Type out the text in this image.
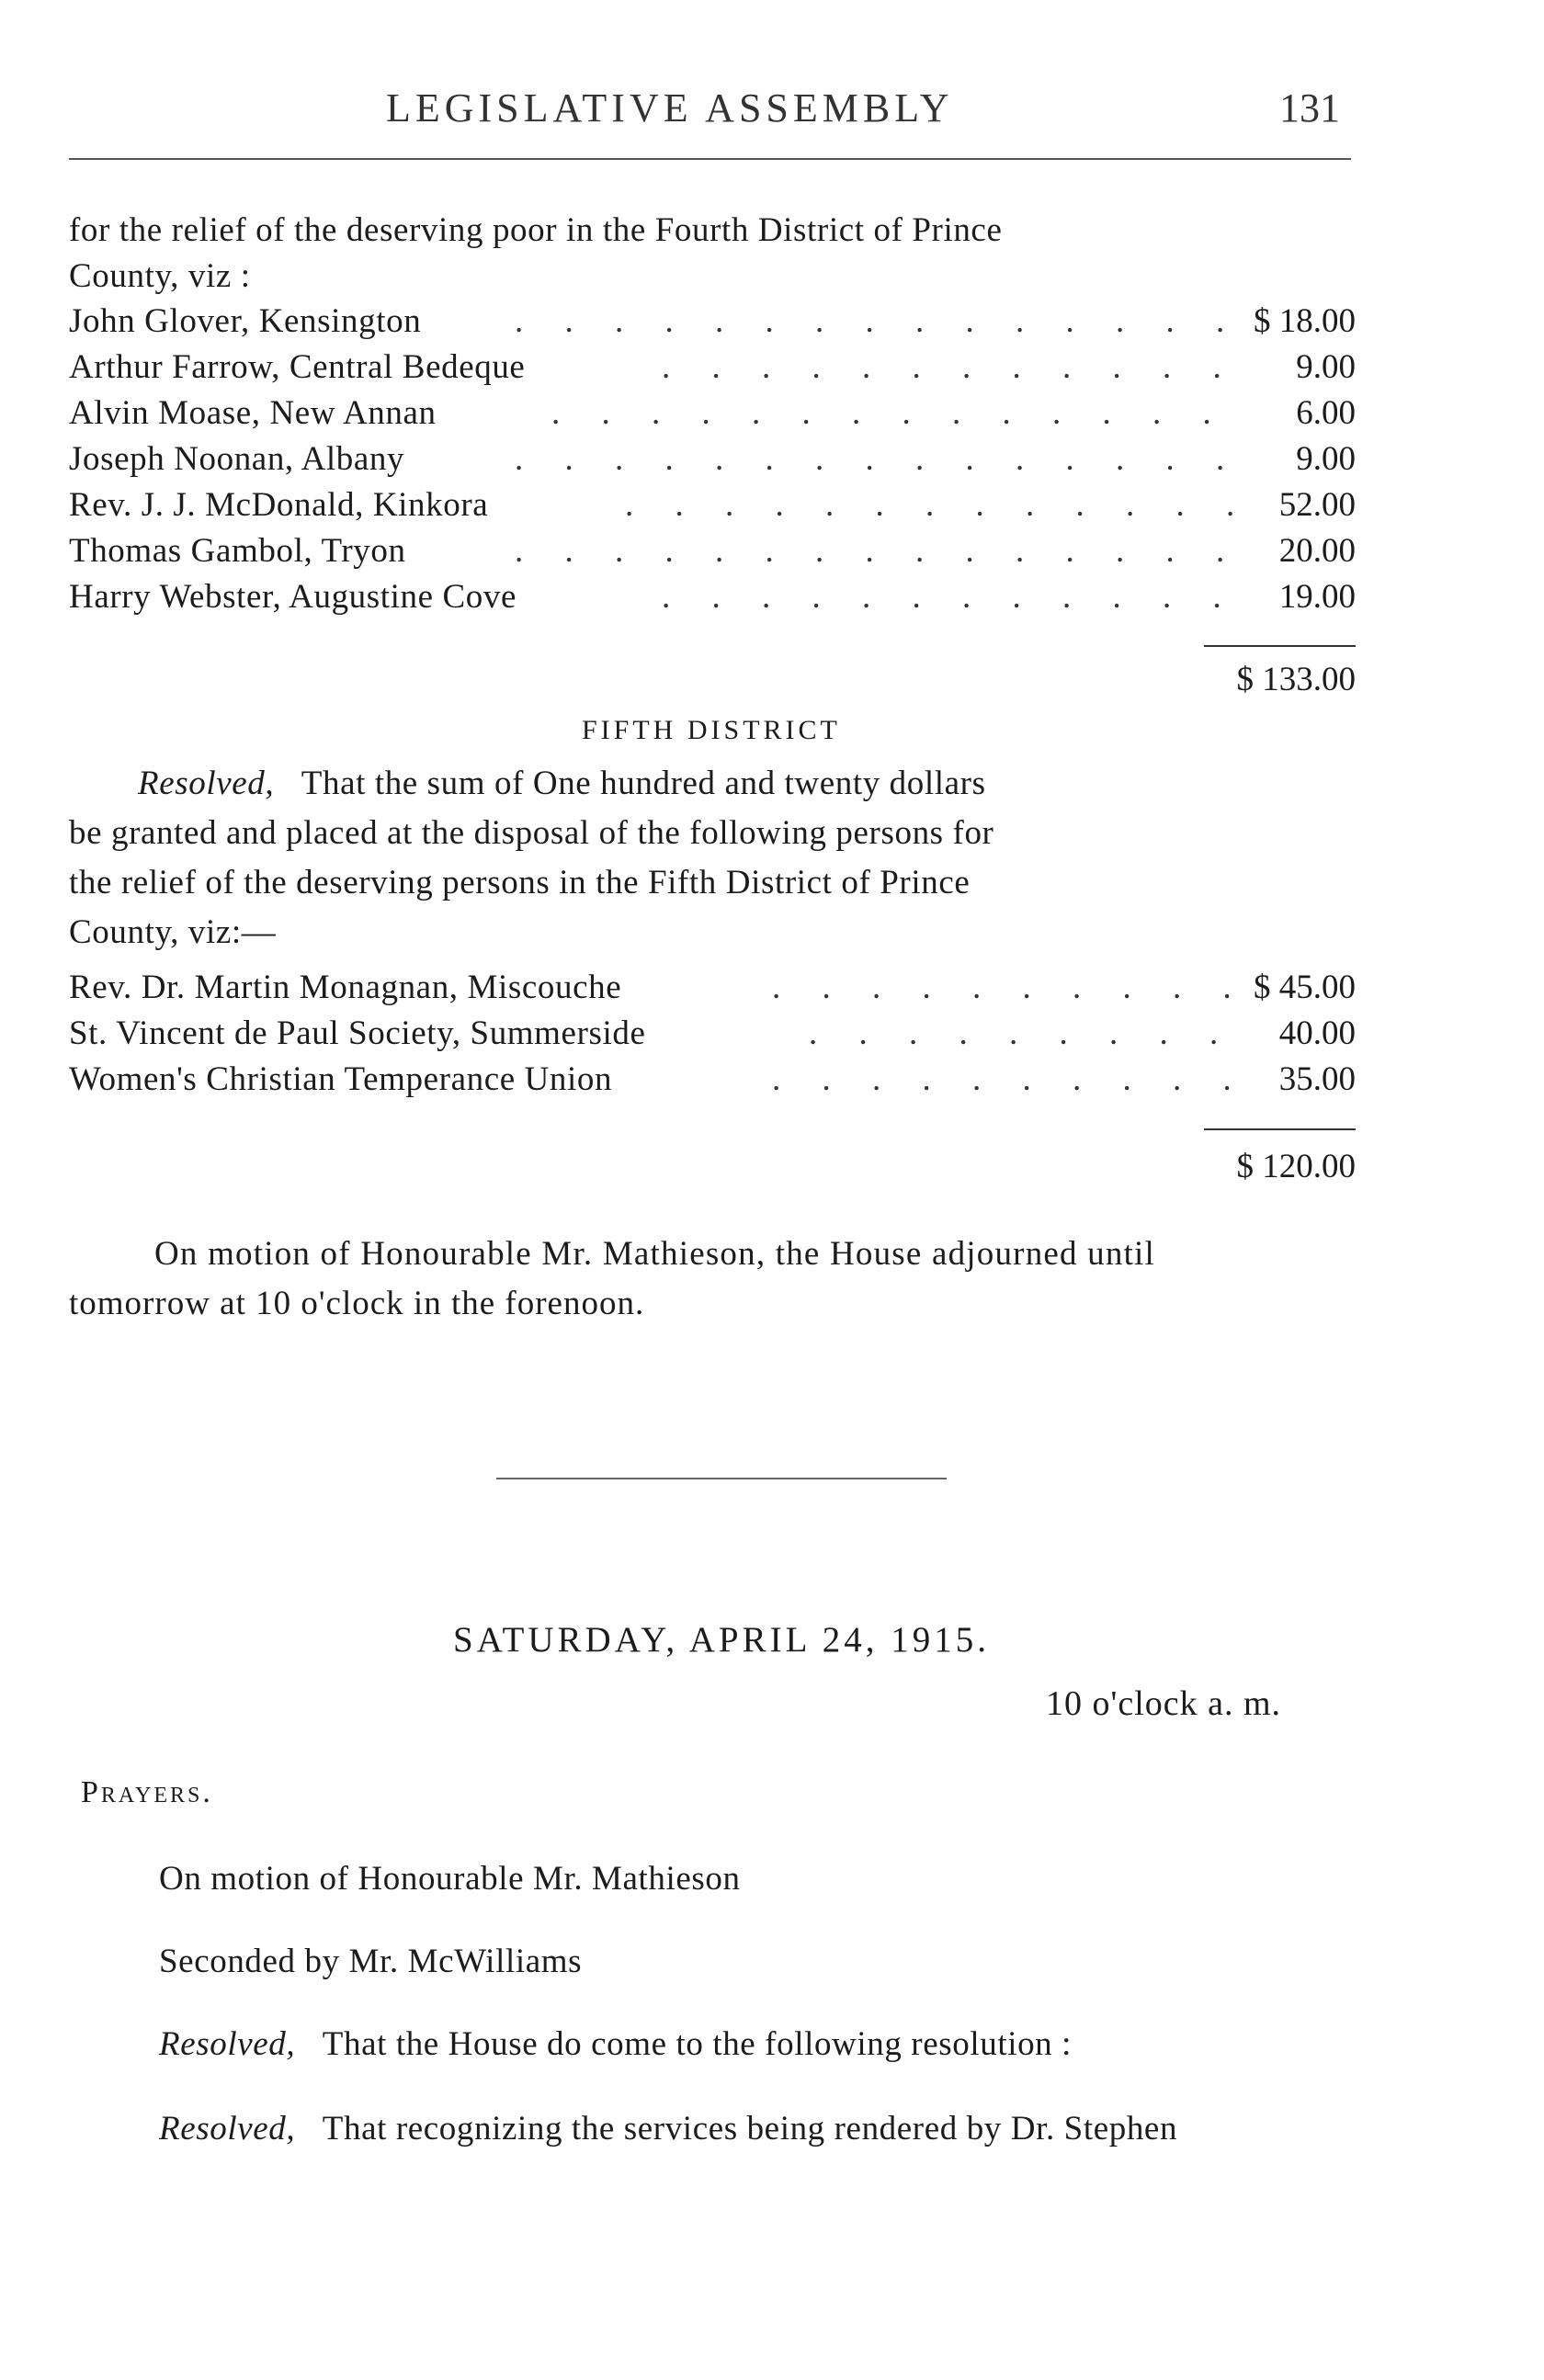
LEGISLATIVE ASSEMBLY	131
for the relief of the deserving poor in the Fourth District of Prince
County, viz :
John Glover, Kensington	. . . . . . . . . . . . . . . $ 18.00
Arthur Farrow, Central Bedeque	. . . . . . . . . . . .	9.00
Alvin Moase, New Annan	. . . . . . . . . . . . . .	6.00
Joseph Noonan, Albany	. . . . . . . . . . . . . . .	9.00
Rev. J. J. McDonald, Kinkora	. . . . . . . . . . . . . 52.00
Thomas Gambol, Tryon	. . . . . . . . . . . . . . .	20.00
Harry Webster, Augustine Cove	. . . . . . . . . . . .	19.00
$ 133.00
FIFTH DISTRICT
Resolved, That the sum of One hundred and twenty dollars
be granted and placed at the disposal of the following persons for
the relief of the deserving persons in the Fifth District of Prince
County, viz:—
Rev. Dr. Martin Monagnan, Miscouche	. . . . . . . . . . $ 45.00
St. Vincent de Paul Society, Summerside	. . . . . . . . .	40.00
Women's Christian Temperance Union	. . . . . . . . . . 35.00
$ 120.00
On motion of Honourable Mr. Mathieson, the House adjourned until
tomorrow at 10 o'clock in the forenoon.
SATURDAY, APRIL 24, 1915.
10 o'clock a. m.
Prayers.
On motion of Honourable Mr. Mathieson
Seconded by Mr. McWilliams
Resolved, That the House do come to the following resolution :
Resolved, That recognizing the services being rendered by Dr. Stephen
